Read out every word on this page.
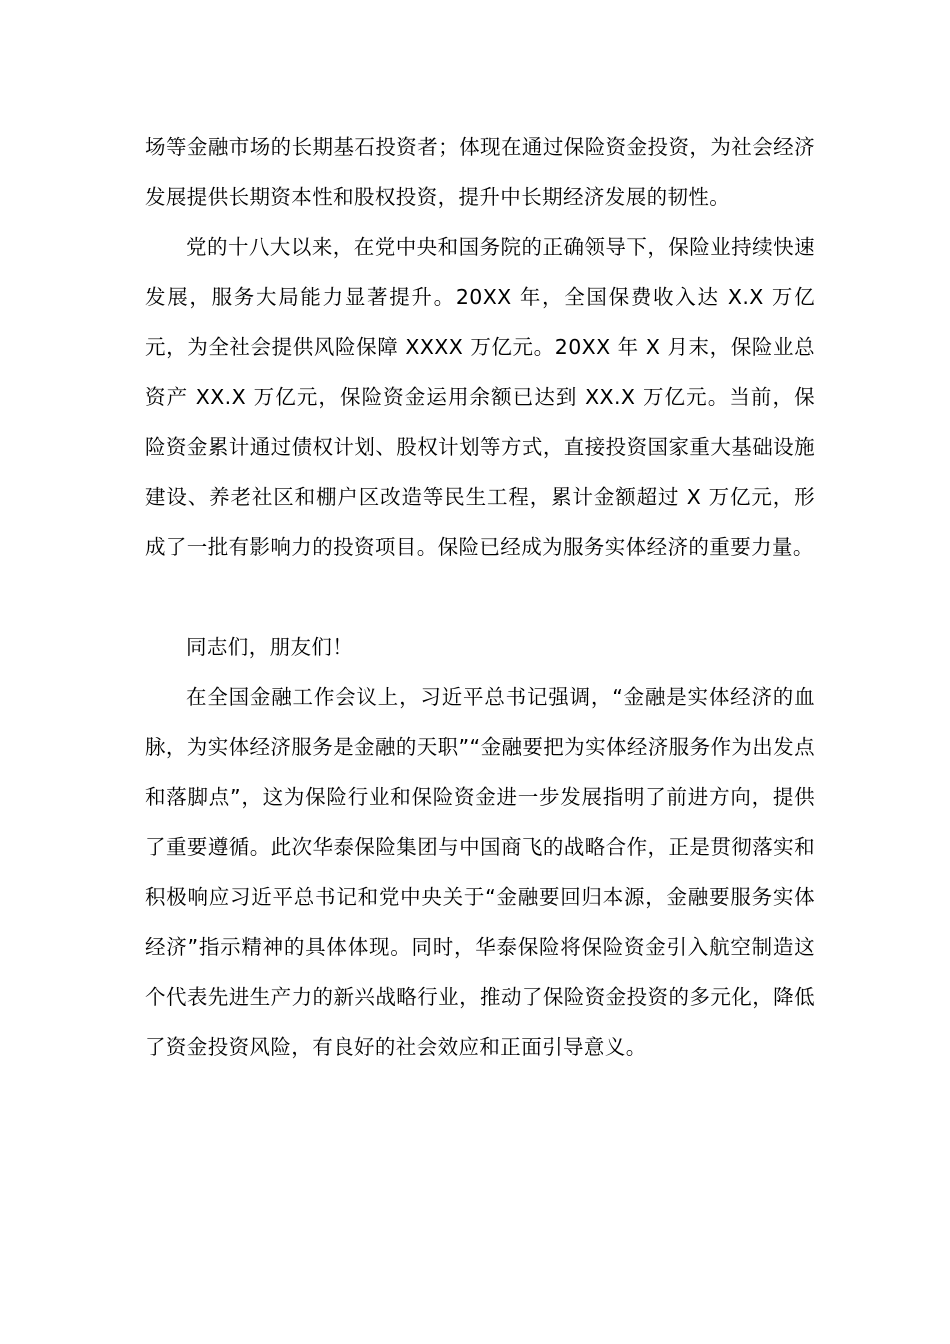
场等金融市场的长期基石投资者；体现在通过保险资金投资，为社会经济发展提供长期资本性和股权投资，提升中长期经济发展的韧性。

党的十八大以来，在党中央和国务院的正确领导下，保险业持续快速发展，服务大局能力显著提升。20XX 年，全国保费收入达 X.X 万亿元，为全社会提供风险保障 XXXX 万亿元。20XX 年 X 月末，保险业总资产 XX.X 万亿元，保险资金运用余额已达到 XX.X 万亿元。当前，保险资金累计通过债权计划、股权计划等方式，直接投资国家重大基础设施建设、养老社区和棚户区改造等民生工程，累计金额超过 X 万亿元，形成了一批有影响力的投资项目。保险已经成为服务实体经济的重要力量。

同志们，朋友们！

在全国金融工作会议上，习近平总书记强调，“金融是实体经济的血脉，为实体经济服务是金融的天职”“金融要把为实体经济服务作为出发点和落脚点”，这为保险行业和保险资金进一步发展指明了前进方向，提供了重要遵循。此次华泰保险集团与中国商飞的战略合作，正是贯彻落实和积极响应习近平总书记和党中央关于“金融要回归本源，金融要服务实体经济”指示精神的具体体现。同时，华泰保险将保险资金引入航空制造这个代表先进生产力的新兴战略行业，推动了保险资金投资的多元化，降低了资金投资风险，有良好的社会效应和正面引导意义。
